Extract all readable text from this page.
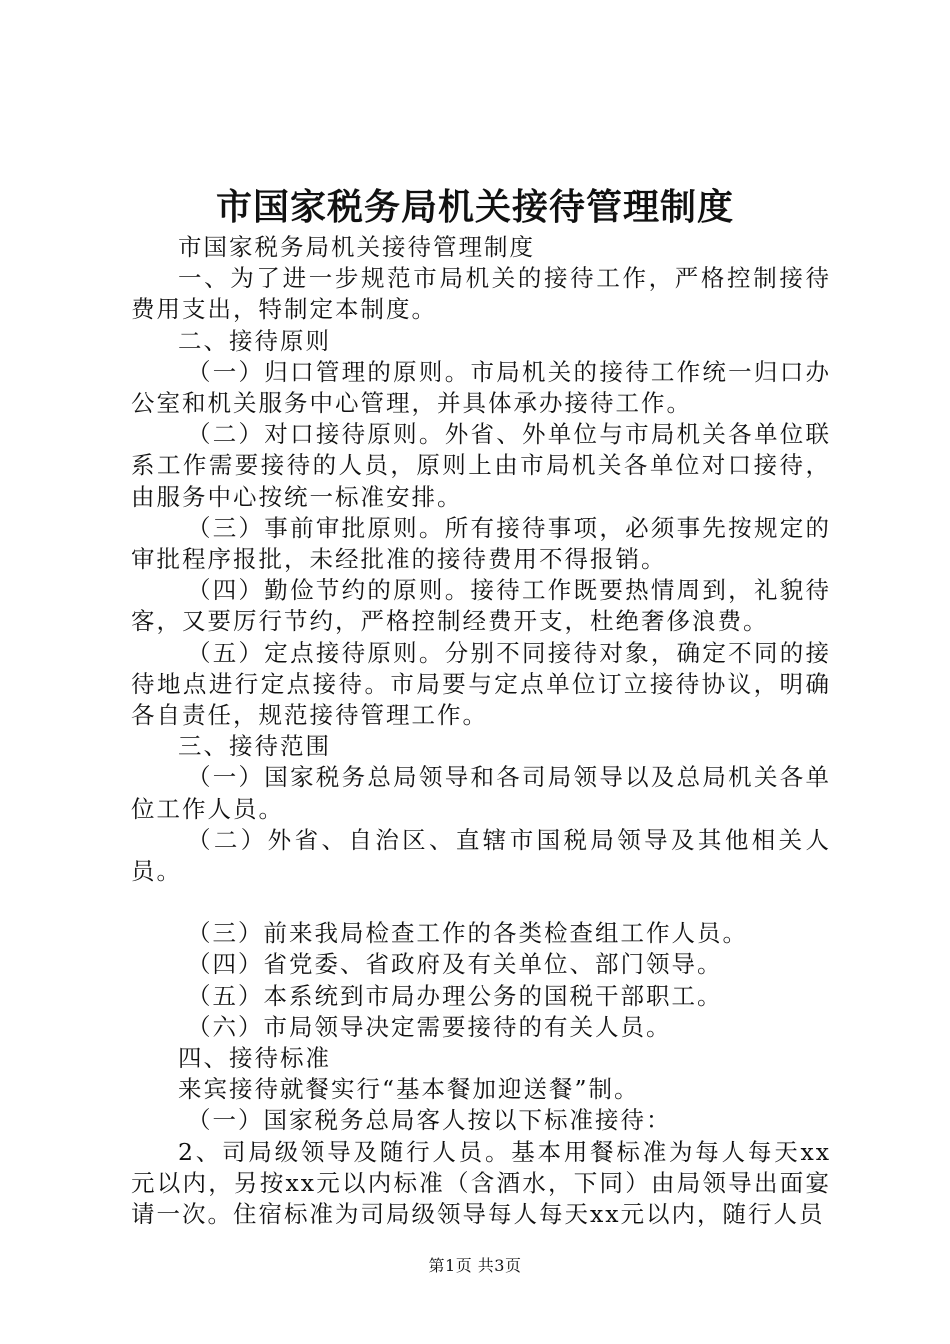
市国家税务局机关接待管理制度

市国家税务局机关接待管理制度

一、为了进一步规范市局机关的接待工作，严格控制接待费用支出，特制定本制度。

二、接待原则

（一）归口管理的原则。市局机关的接待工作统一归口办公室和机关服务中心管理，并具体承办接待工作。

（二）对口接待原则。外省、外单位与市局机关各单位联系工作需要接待的人员，原则上由市局机关各单位对口接待，由服务中心按统一标准安排。

（三）事前审批原则。所有接待事项，必须事先按规定的审批程序报批，未经批准的接待费用不得报销。

（四）勤俭节约的原则。接待工作既要热情周到，礼貌待客，又要厉行节约，严格控制经费开支，杜绝奢侈浪费。

（五）定点接待原则。分别不同接待对象，确定不同的接待地点进行定点接待。市局要与定点单位订立接待协议，明确各自责任，规范接待管理工作。

三、接待范围

（一）国家税务总局领导和各司局领导以及总局机关各单位工作人员。

（二）外省、自治区、直辖市国税局领导及其他相关人员。

（三）前来我局检查工作的各类检查组工作人员。

（四）省党委、省政府及有关单位、部门领导。

（五）本系统到市局办理公务的国税干部职工。

（六）市局领导决定需要接待的有关人员。

四、接待标准

来宾接待就餐实行“基本餐加迎送餐”制。

（一）国家税务总局客人按以下标准接待：

2、司局级领导及随行人员。基本用餐标准为每人每天xx元以内，另按xx元以内标准（含酒水，下同）由局领导出面宴请一次。住宿标准为司局级领导每人每天xx元以内，随行人员

第1页 共3页
